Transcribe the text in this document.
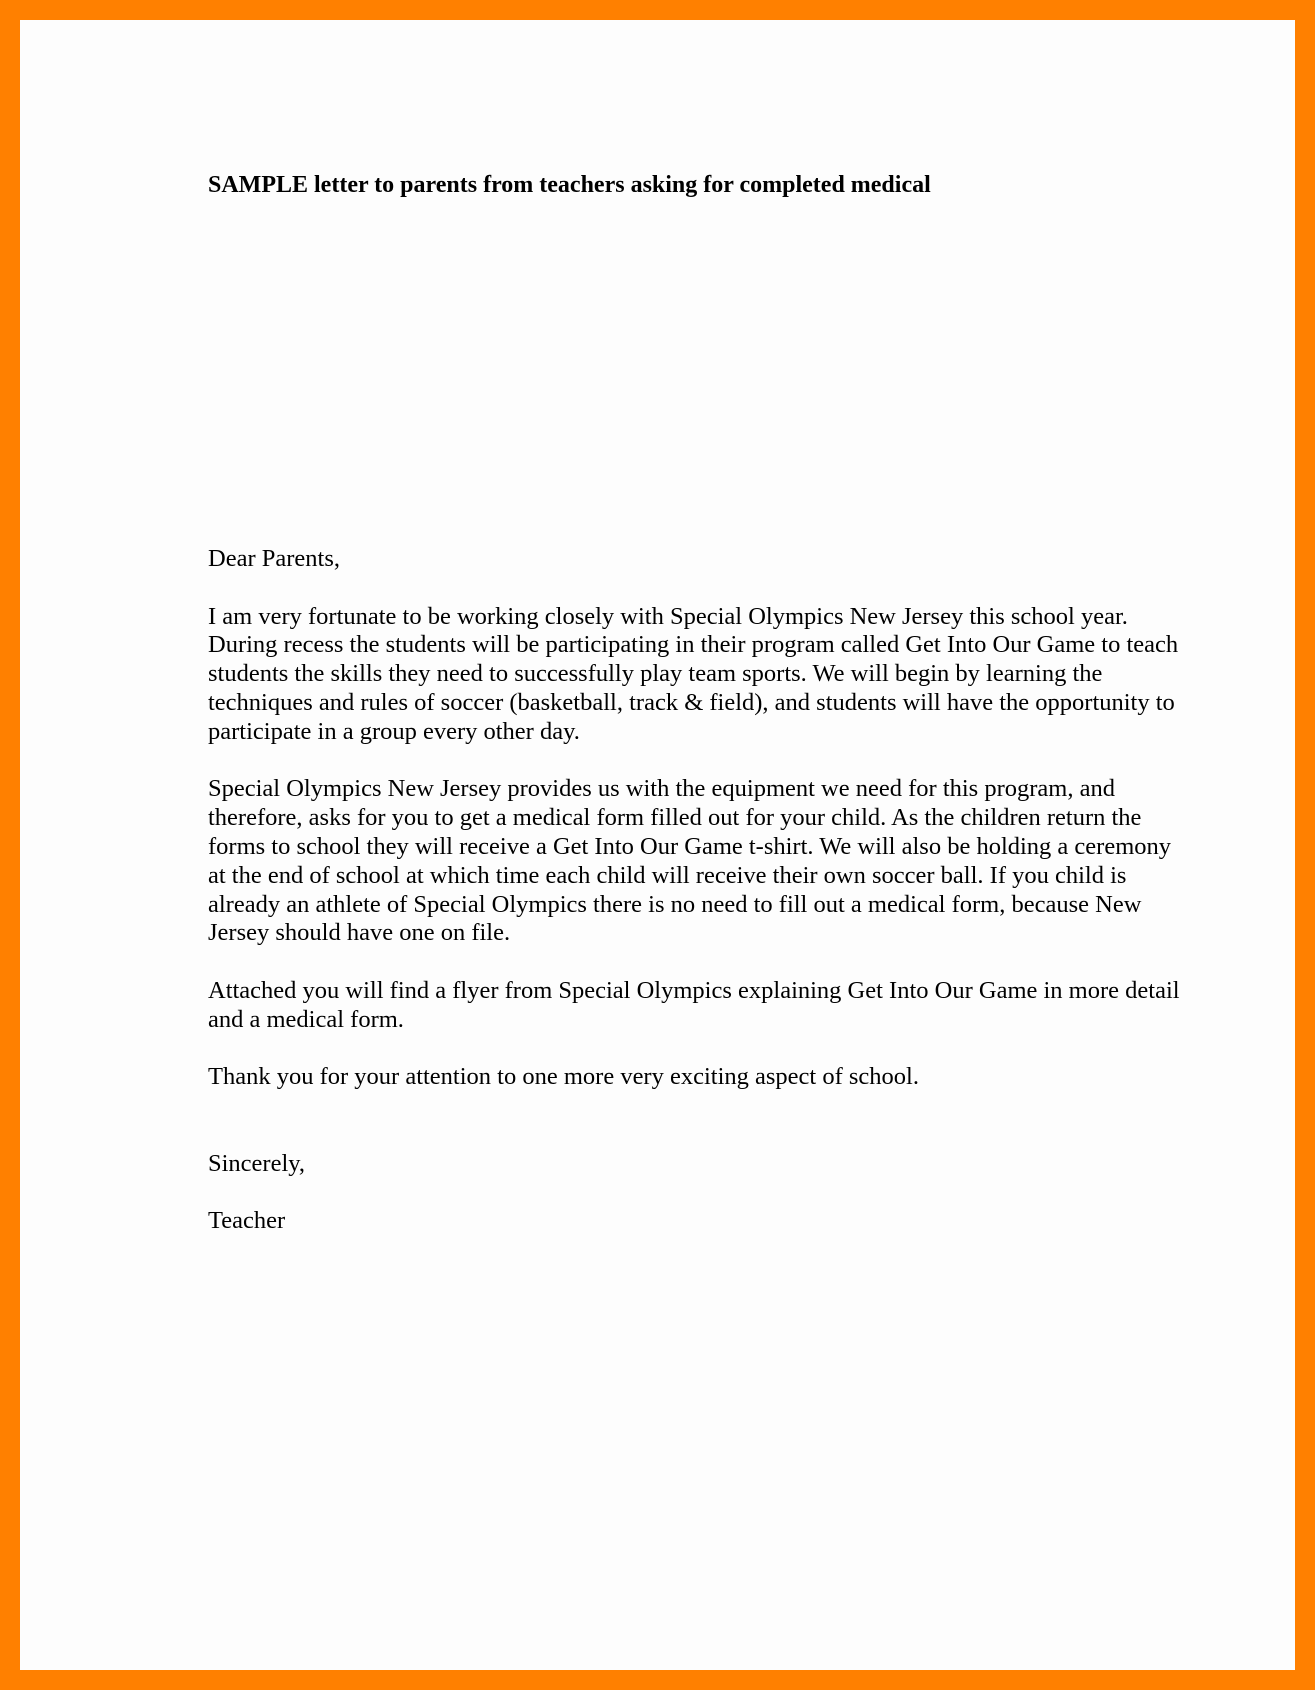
SAMPLE letter to parents from teachers asking for completed medical

Dear Parents,

I am very fortunate to be working closely with Special Olympics New Jersey this school year. During recess the students will be participating in their program called Get Into Our Game to teach students the skills they need to successfully play team sports. We will begin by learning the techniques and rules of soccer (basketball, track & field), and students will have the opportunity to participate in a group every other day.

Special Olympics New Jersey provides us with the equipment we need for this program, and therefore, asks for you to get a medical form filled out for your child. As the children return the forms to school they will receive a Get Into Our Game t-shirt. We will also be holding a ceremony at the end of school at which time each child will receive their own soccer ball. If you child is already an athlete of Special Olympics there is no need to fill out a medical form, because New Jersey should have one on file.

Attached you will find a flyer from Special Olympics explaining Get Into Our Game in more detail and a medical form.

Thank you for your attention to one more very exciting aspect of school.

Sincerely,

Teacher
